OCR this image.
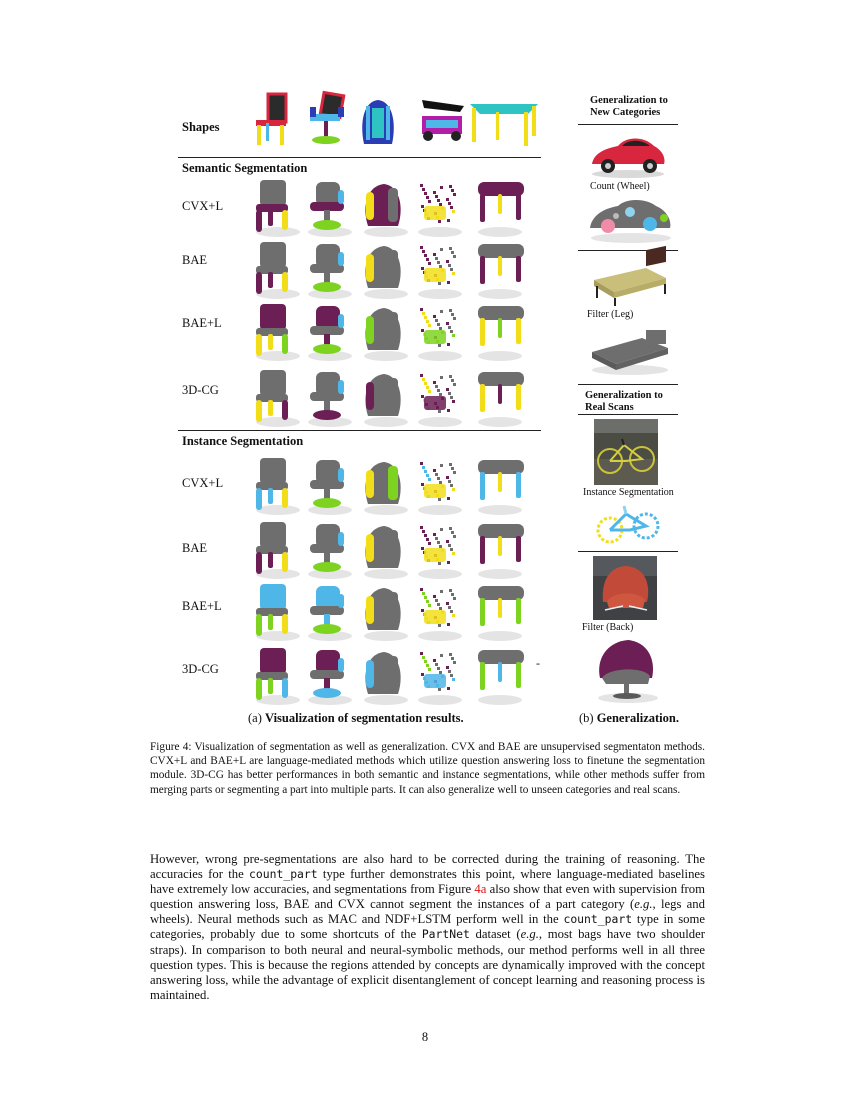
Shapes
Semantic Segmentation
CVX+L
BAE
BAE+L
3D-CG
Instance Segmentation
CVX+L
BAE
BAE+L
3D-CG	-
(a) Visualization of segmentation results.
Generalization to
New Categories
Count (Wheel)
Filter (Leg)
Generalization to
Real Scans
Instance Segmentation
Filter (Back)
(b) Generalization.
Figure 4: Visualization of segmentation as well as generalization. CVX and BAE are unsupervised segmentaton methods. CVX+L and BAE+L are language-mediated methods which utilize question answering loss to finetune the segmentation module. 3D-CG has better performances in both semantic and instance segmentations, while other methods suffer from merging parts or segmenting a part into multiple parts. It can also generalize well to unseen categories and real scans.
However, wrong pre-segmentations are also hard to be corrected during the training of reasoning. The accuracies for the count_part type further demonstrates this point, where language-mediated baselines have extremely low accuracies, and segmentations from Figure 4a also show that even with supervision from question answering loss, BAE and CVX cannot segment the instances of a part category (e.g., legs and wheels). Neural methods such as MAC and NDF+LSTM perform well in the count_part type in some categories, probably due to some shortcuts of the PartNet dataset (e.g., most bags have two shoulder straps). In comparison to both neural and neural-symbolic methods, our method performs well in all three question types. This is because the regions attended by concepts are dynamically improved with the concept answering loss, while the advantage of explicit disentanglement of concept learning and reasoning process is maintained.
8
